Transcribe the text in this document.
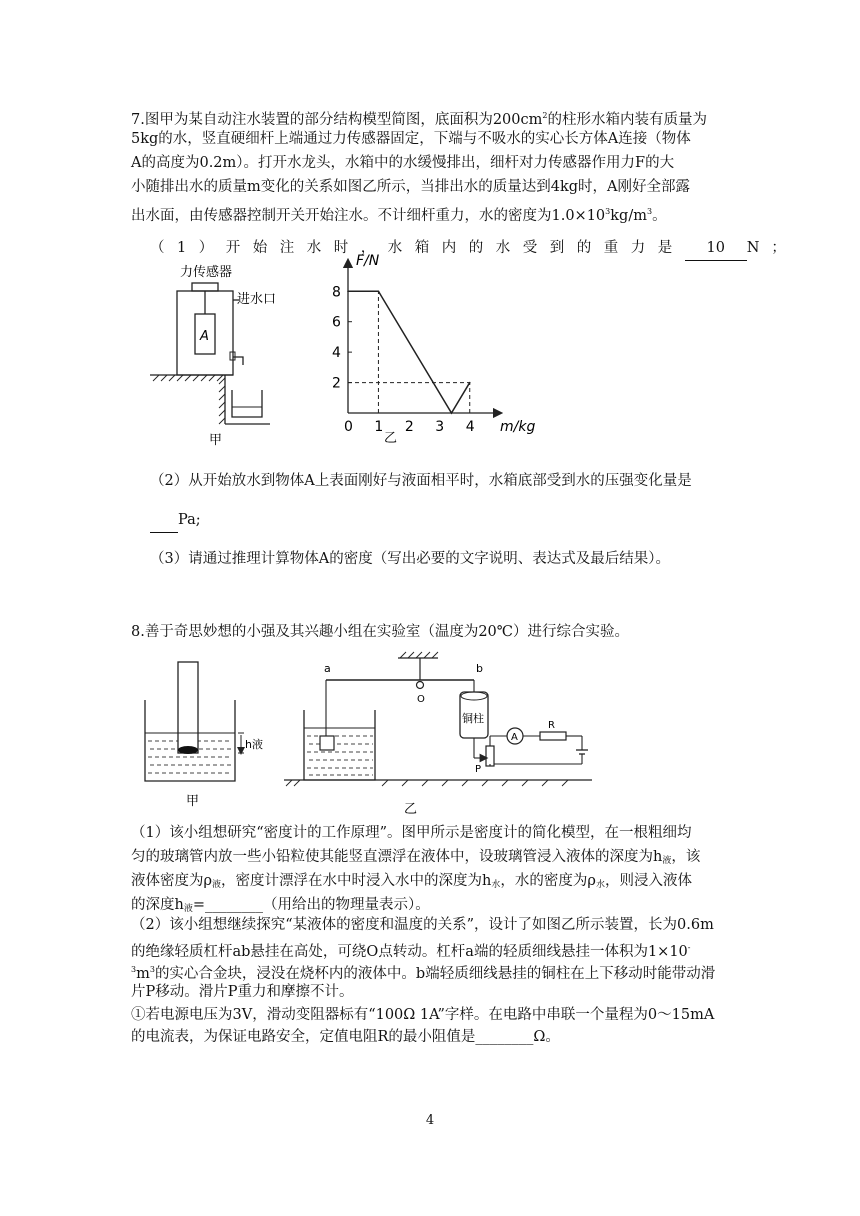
7.图甲为某自动注水装置的部分结构模型简图，底面积为$200cm^2$的柱形水箱内装有质量为

5kg的水，竖直硬细杆上端通过力传感器固定，下端与不吸水的实心长方体A连接（物体

A的高度为0.2m）。打开水龙头，水箱中的水缓慢排出，细杆对力传感器作用力F的大

小随排出水的质量m变化的关系如图乙所示，当排出水的质量达到4kg时，A刚好全部露

出水面，由传感器控制开关开始注水。不计细杆重力，水的密度为$1.0\times 10^3kg/m^3$。

（1）开始注水时，水箱内的水受到的重力是 10 N；

力传感器
进水口
A
甲
F/N
m/kg
0 1 2 3 4
2
4
6
8
乙

（2）从开始放水到物体A上表面刚好与液面相平时，水箱底部受到水的压强变化量是

Pa;

（3）请通过推理计算物体A的密度（写出必要的文字说明、表达式及最后结果）。

8.善于奇思妙想的小强及其兴趣小组在实验室（温度为20℃）进行综合实验。

h液
甲
O
a	b
铜柱
P
A
R
乙

（1）该小组想研究“密度计的工作原理”。图甲所示是密度计的简化模型，在一根粗细均

匀的玻璃管内放一些小铅粒使其能竖直漂浮在液体中，设玻璃管浸入液体的深度为$h_液$，该

液体密度为$\rho_液$，密度计漂浮在水中时浸入水中的深度为$h_水$，水的密度为$\rho_水$，则浸入液体

的深度$h_液=\_\_\_\_\_\_\_\_$（用给出的物理量表示）。

（2）该小组想继续探究“某液体的密度和温度的关系”，设计了如图乙所示装置，长为0.6m

的绝缘轻质杠杆ab悬挂在高处，可绕O点转动。杠杆a端的轻质细线悬挂一体积为1×10-

$^3m^3$的实心合金块，浸没在烧杯内的液体中。b端轻质细线悬挂的铜柱在上下移动时能带动滑

片P移动。滑片P重力和摩擦不计。

①若电源电压为3V，滑动变阻器标有“100Ω 1A”字样。在电路中串联一个量程为0～15mA

的电流表，为保证电路安全，定值电阻R的最小阻值是________Ω。

4
